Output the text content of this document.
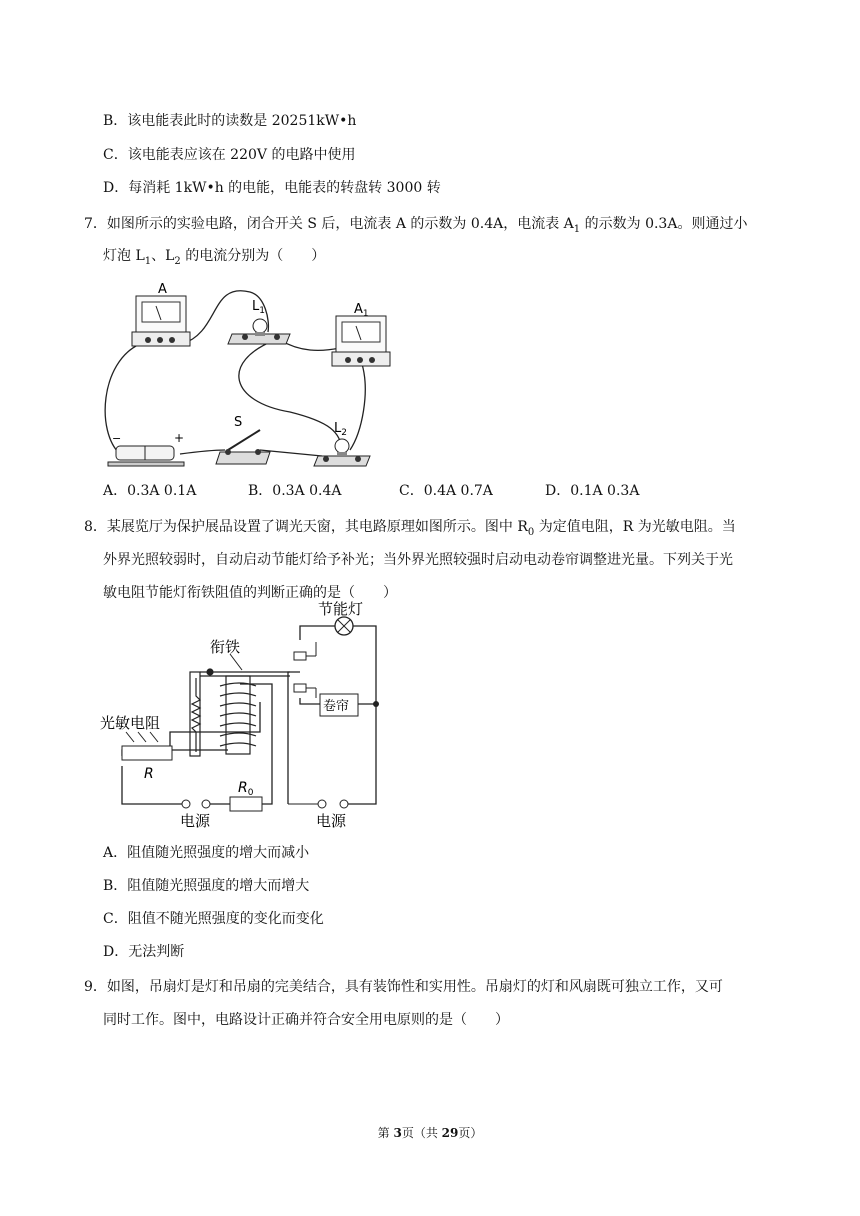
B．该电能表此时的读数是 20251kW•h
C．该电能表应该在 220V 的电路中使用
D．每消耗 1kW•h 的电能，电能表的转盘转 3000 转
7．如图所示的实验电路，闭合开关 S 后，电流表 A 的示数为 0.4A，电流表 $A_1$ 的示数为 0.3A。则通过小
灯泡 $L_1$、$L_2$ 的电流分别为（　　）
A
$L_1$	$A_1$
−	+
S	$L_2$
A．0.3A 0.1A	B．0.3A 0.4A	C．0.4A 0.7A	D．0.1A 0.3A
8．某展览厅为保护展品设置了调光天窗，其电路原理如图所示。图中 $R_0$ 为定值电阻，R 为光敏电阻。当
外界光照较弱时，自动启动节能灯给予补光；当外界光照较强时启动电动卷帘调整进光量。下列关于光
敏电阻节能灯衔铁阻值的判断正确的是（　　）
节能灯
卷帘
衔铁
光敏电阻
R
$R_0$
电源	电源
A．阻值随光照强度的增大而减小
B．阻值随光照强度的增大而增大
C．阻值不随光照强度的变化而变化
D．无法判断
9．如图，吊扇灯是灯和吊扇的完美结合，具有装饰性和实用性。吊扇灯的灯和风扇既可独立工作，又可
同时工作。图中，电路设计正确并符合安全用电原则的是（　　）
第 3页（共 29页）
